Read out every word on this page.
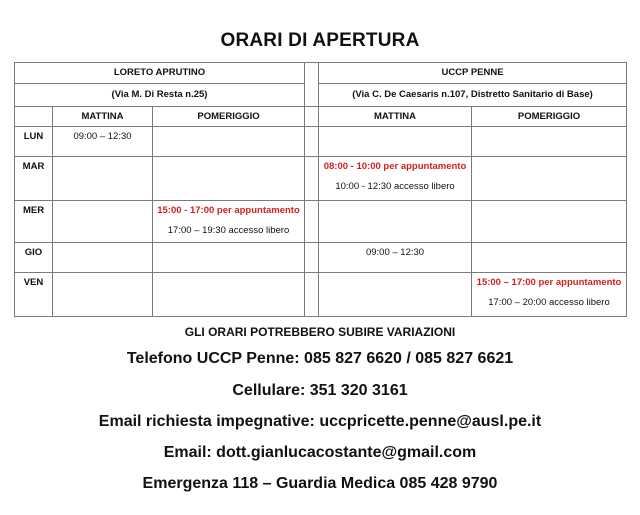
ORARI DI APERTURA
LORETO APRUTINO				UCCP PENNE	
(Via M. Di Resta n.25)				(Via C. De Caesaris n.107, Distretto Sanitario di Base)	
	MATTINA	POMERIGGIO		MATTINA	POMERIGGIO

LUN	09:00 – 12:30				

MAR				08:00 - 10:00 per appuntamento
10:00 - 12:30 accesso libero	

MER		15:00 - 17:00 per appuntamento
17:00 – 19:30 accesso libero			

GIO				09:00 – 12:30	

VEN					15:00 – 17:00 per appuntamento
17:00 – 20:00 accesso libero
GLI ORARI POTREBBERO SUBIRE VARIAZIONI
Telefono UCCP Penne: 085 827 6620 / 085 827 6621
Cellulare: 351 320 3161
Email richiesta impegnative: uccpricette.penne@ausl.pe.it
Email: dott.gianlucacostante@gmail.com
Emergenza 118 – Guardia Medica 085 428 9790
